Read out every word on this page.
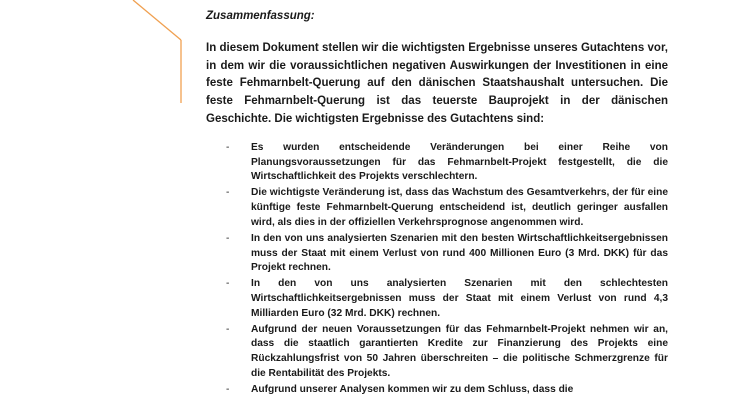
Zusammenfassung:

In diesem Dokument stellen wir die wichtigsten Ergebnisse unseres Gutachtens vor, in dem wir die voraussichtlichen negativen Auswirkungen der Investitionen in eine feste Fehmarnbelt-Querung auf den dänischen Staatshaushalt untersuchen. Die feste Fehmarnbelt-Querung ist das teuerste Bauprojekt in der dänischen Geschichte. Die wichtigsten Ergebnisse des Gutachtens sind:

- Es wurden entscheidende Veränderungen bei einer Reihe von Planungsvoraussetzungen für das Fehmarnbelt-Projekt festgestellt, die die Wirtschaftlichkeit des Projekts verschlechtern.
- Die wichtigste Veränderung ist, dass das Wachstum des Gesamtverkehrs, der für eine künftige feste Fehmarnbelt-Querung entscheidend ist, deutlich geringer ausfallen wird, als dies in der offiziellen Verkehrsprognose angenommen wird.
- In den von uns analysierten Szenarien mit den besten Wirtschaftlichkeitsergebnissen muss der Staat mit einem Verlust von rund 400 Millionen Euro (3 Mrd. DKK) für das Projekt rechnen.
- In den von uns analysierten Szenarien mit den schlechtesten Wirtschaftlichkeitsergebnissen muss der Staat mit einem Verlust von rund 4,3 Milliarden Euro (32 Mrd. DKK) rechnen.
- Aufgrund der neuen Voraussetzungen für das Fehmarnbelt-Projekt nehmen wir an, dass die staatlich garantierten Kredite zur Finanzierung des Projekts eine Rückzahlungsfrist von 50 Jahren überschreiten – die politische Schmerzgrenze für die Rentabilität des Projekts.
- Aufgrund unserer Analysen kommen wir zu dem Schluss, dass die
